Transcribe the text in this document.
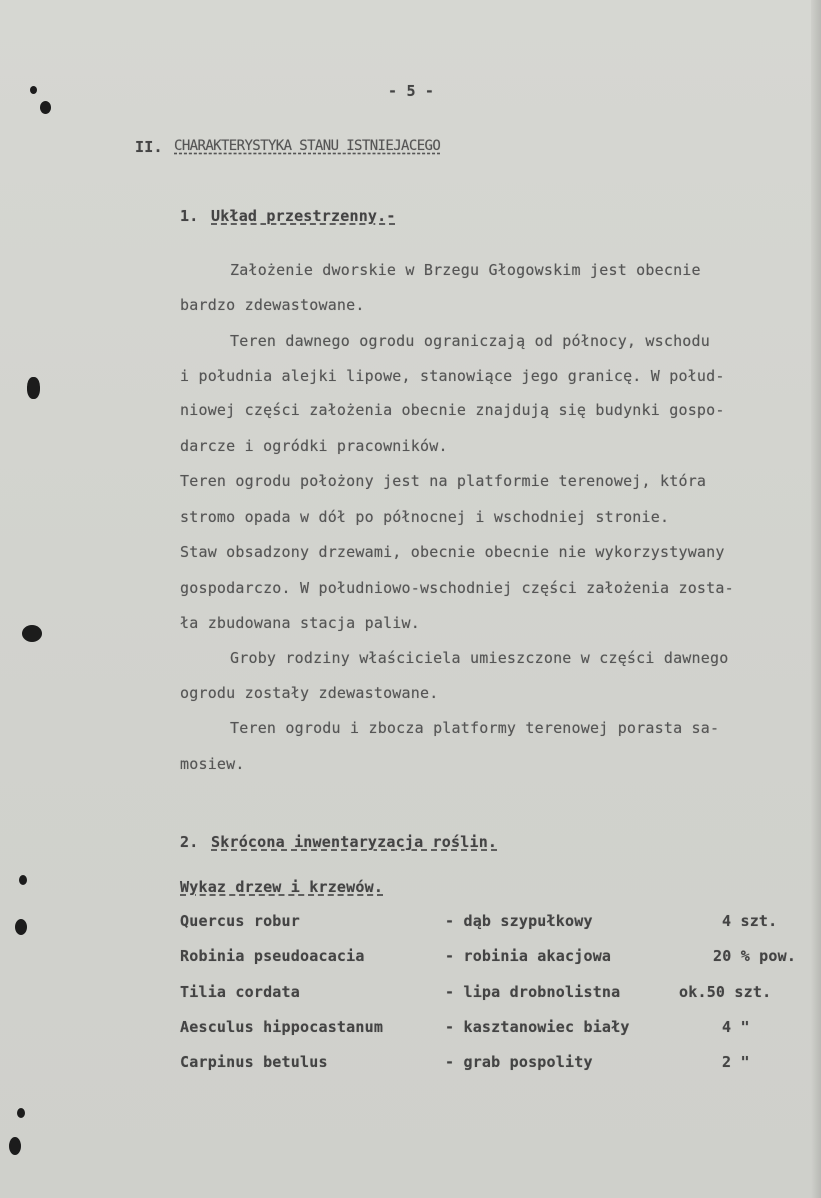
- 5 -
II. CHARAKTERYSTYKA STANU ISTNIEJACEGO
1. Układ przestrzenny.-
Założenie dworskie w Brzegu Głogowskim jest obecnie
bardzo zdewastowane.
Teren dawnego ogrodu ograniczają od północy, wschodu
i południa alejki lipowe, stanowiące jego granicę. W połud-
niowej części założenia obecnie znajdują się budynki gospo-
darcze i ogródki pracowników.
Teren ogrodu położony jest na platformie terenowej, która
stromo opada w dół po północnej i wschodniej stronie.
Staw obsadzony drzewami, obecnie obecnie nie wykorzystywany
gospodarczo. W południowo-wschodniej części założenia zosta-
ła zbudowana stacja paliw.
Groby rodziny właściciela umieszczone w części dawnego
ogrodu zostały zdewastowane.
Teren ogrodu i zbocza platformy terenowej porasta sa-
mosiew.
2. Skrócona inwentaryzacja roślin.
Wykaz drzew i krzewów.
Quercus robur	- dąb szypułkowy	4 szt.
Robinia pseudoacacia	- robinia akacjowa	20 % pow.
Tilia cordata	- lipa drobnolistna	ok.50 szt.
Aesculus hippocastanum	- kasztanowiec biały	4 "
Carpinus betulus	- grab pospolity	2 "
